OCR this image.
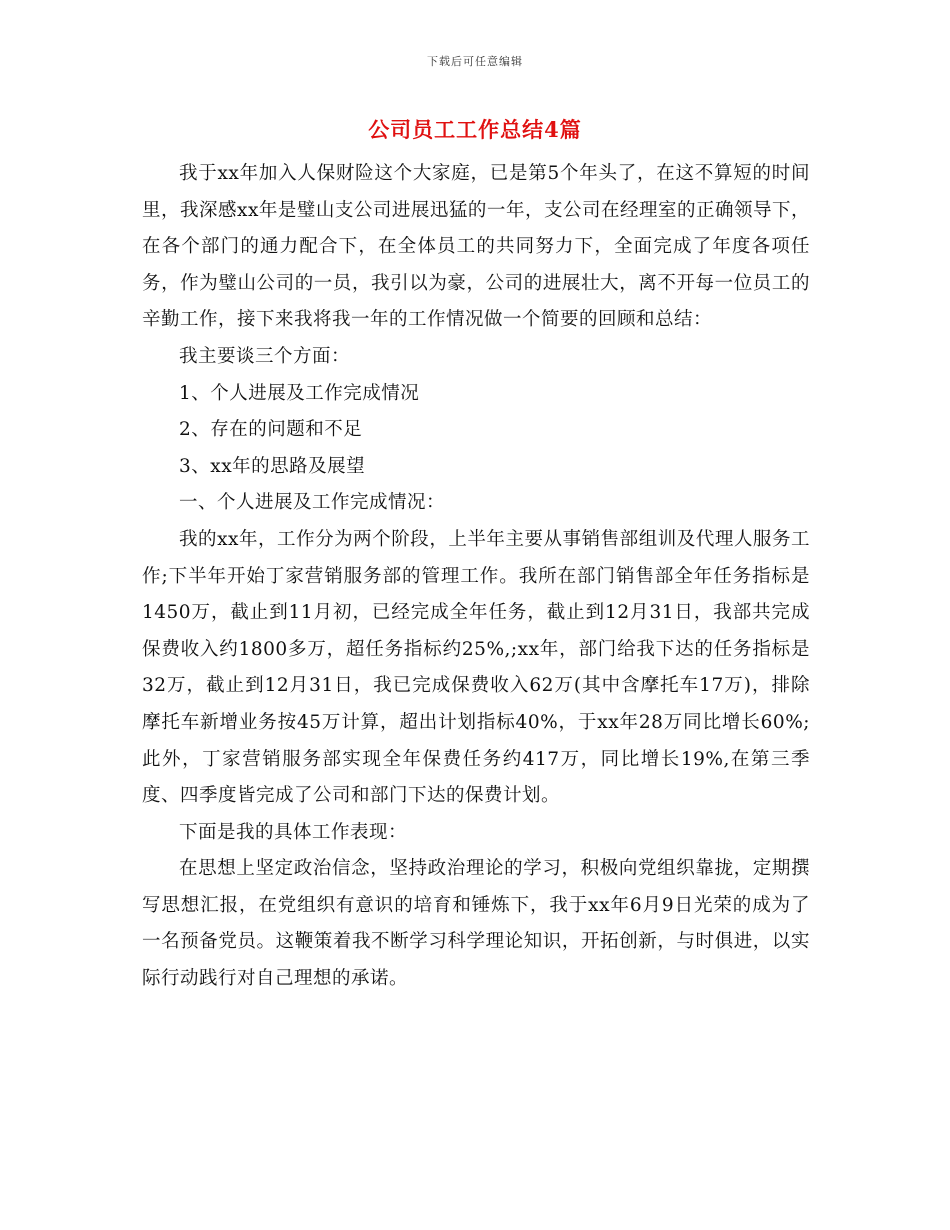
下载后可任意编辑
公司员工工作总结4篇

我于xx年加入人保财险这个大家庭，已是第5个年头了，在这不算短的时间里，我深感xx年是璧山支公司进展迅猛的一年，支公司在经理室的正确领导下，在各个部门的通力配合下，在全体员工的共同努力下，全面完成了年度各项任务，作为璧山公司的一员，我引以为豪，公司的进展壮大，离不开每一位员工的辛勤工作，接下来我将我一年的工作情况做一个简要的回顾和总结：

我主要谈三个方面：

1、个人进展及工作完成情况

2、存在的问题和不足

3、xx年的思路及展望

一、个人进展及工作完成情况：

我的xx年，工作分为两个阶段，上半年主要从事销售部组训及代理人服务工作;下半年开始丁家营销服务部的管理工作。我所在部门销售部全年任务指标是1450万，截止到11月初，已经完成全年任务，截止到12月31日，我部共完成保费收入约1800多万，超任务指标约25%,;xx年，部门给我下达的任务指标是32万，截止到12月31日，我已完成保费收入62万(其中含摩托车17万)，排除摩托车新增业务按45万计算，超出计划指标40%，于xx年28万同比增长60%;此外，丁家营销服务部实现全年保费任务约417万，同比增长19%,在第三季度、四季度皆完成了公司和部门下达的保费计划。

下面是我的具体工作表现：

在思想上坚定政治信念，坚持政治理论的学习，积极向党组织靠拢，定期撰写思想汇报，在党组织有意识的培育和锤炼下，我于xx年6月9日光荣的成为了一名预备党员。这鞭策着我不断学习科学理论知识，开拓创新，与时俱进，以实际行动践行对自己理想的承诺。
